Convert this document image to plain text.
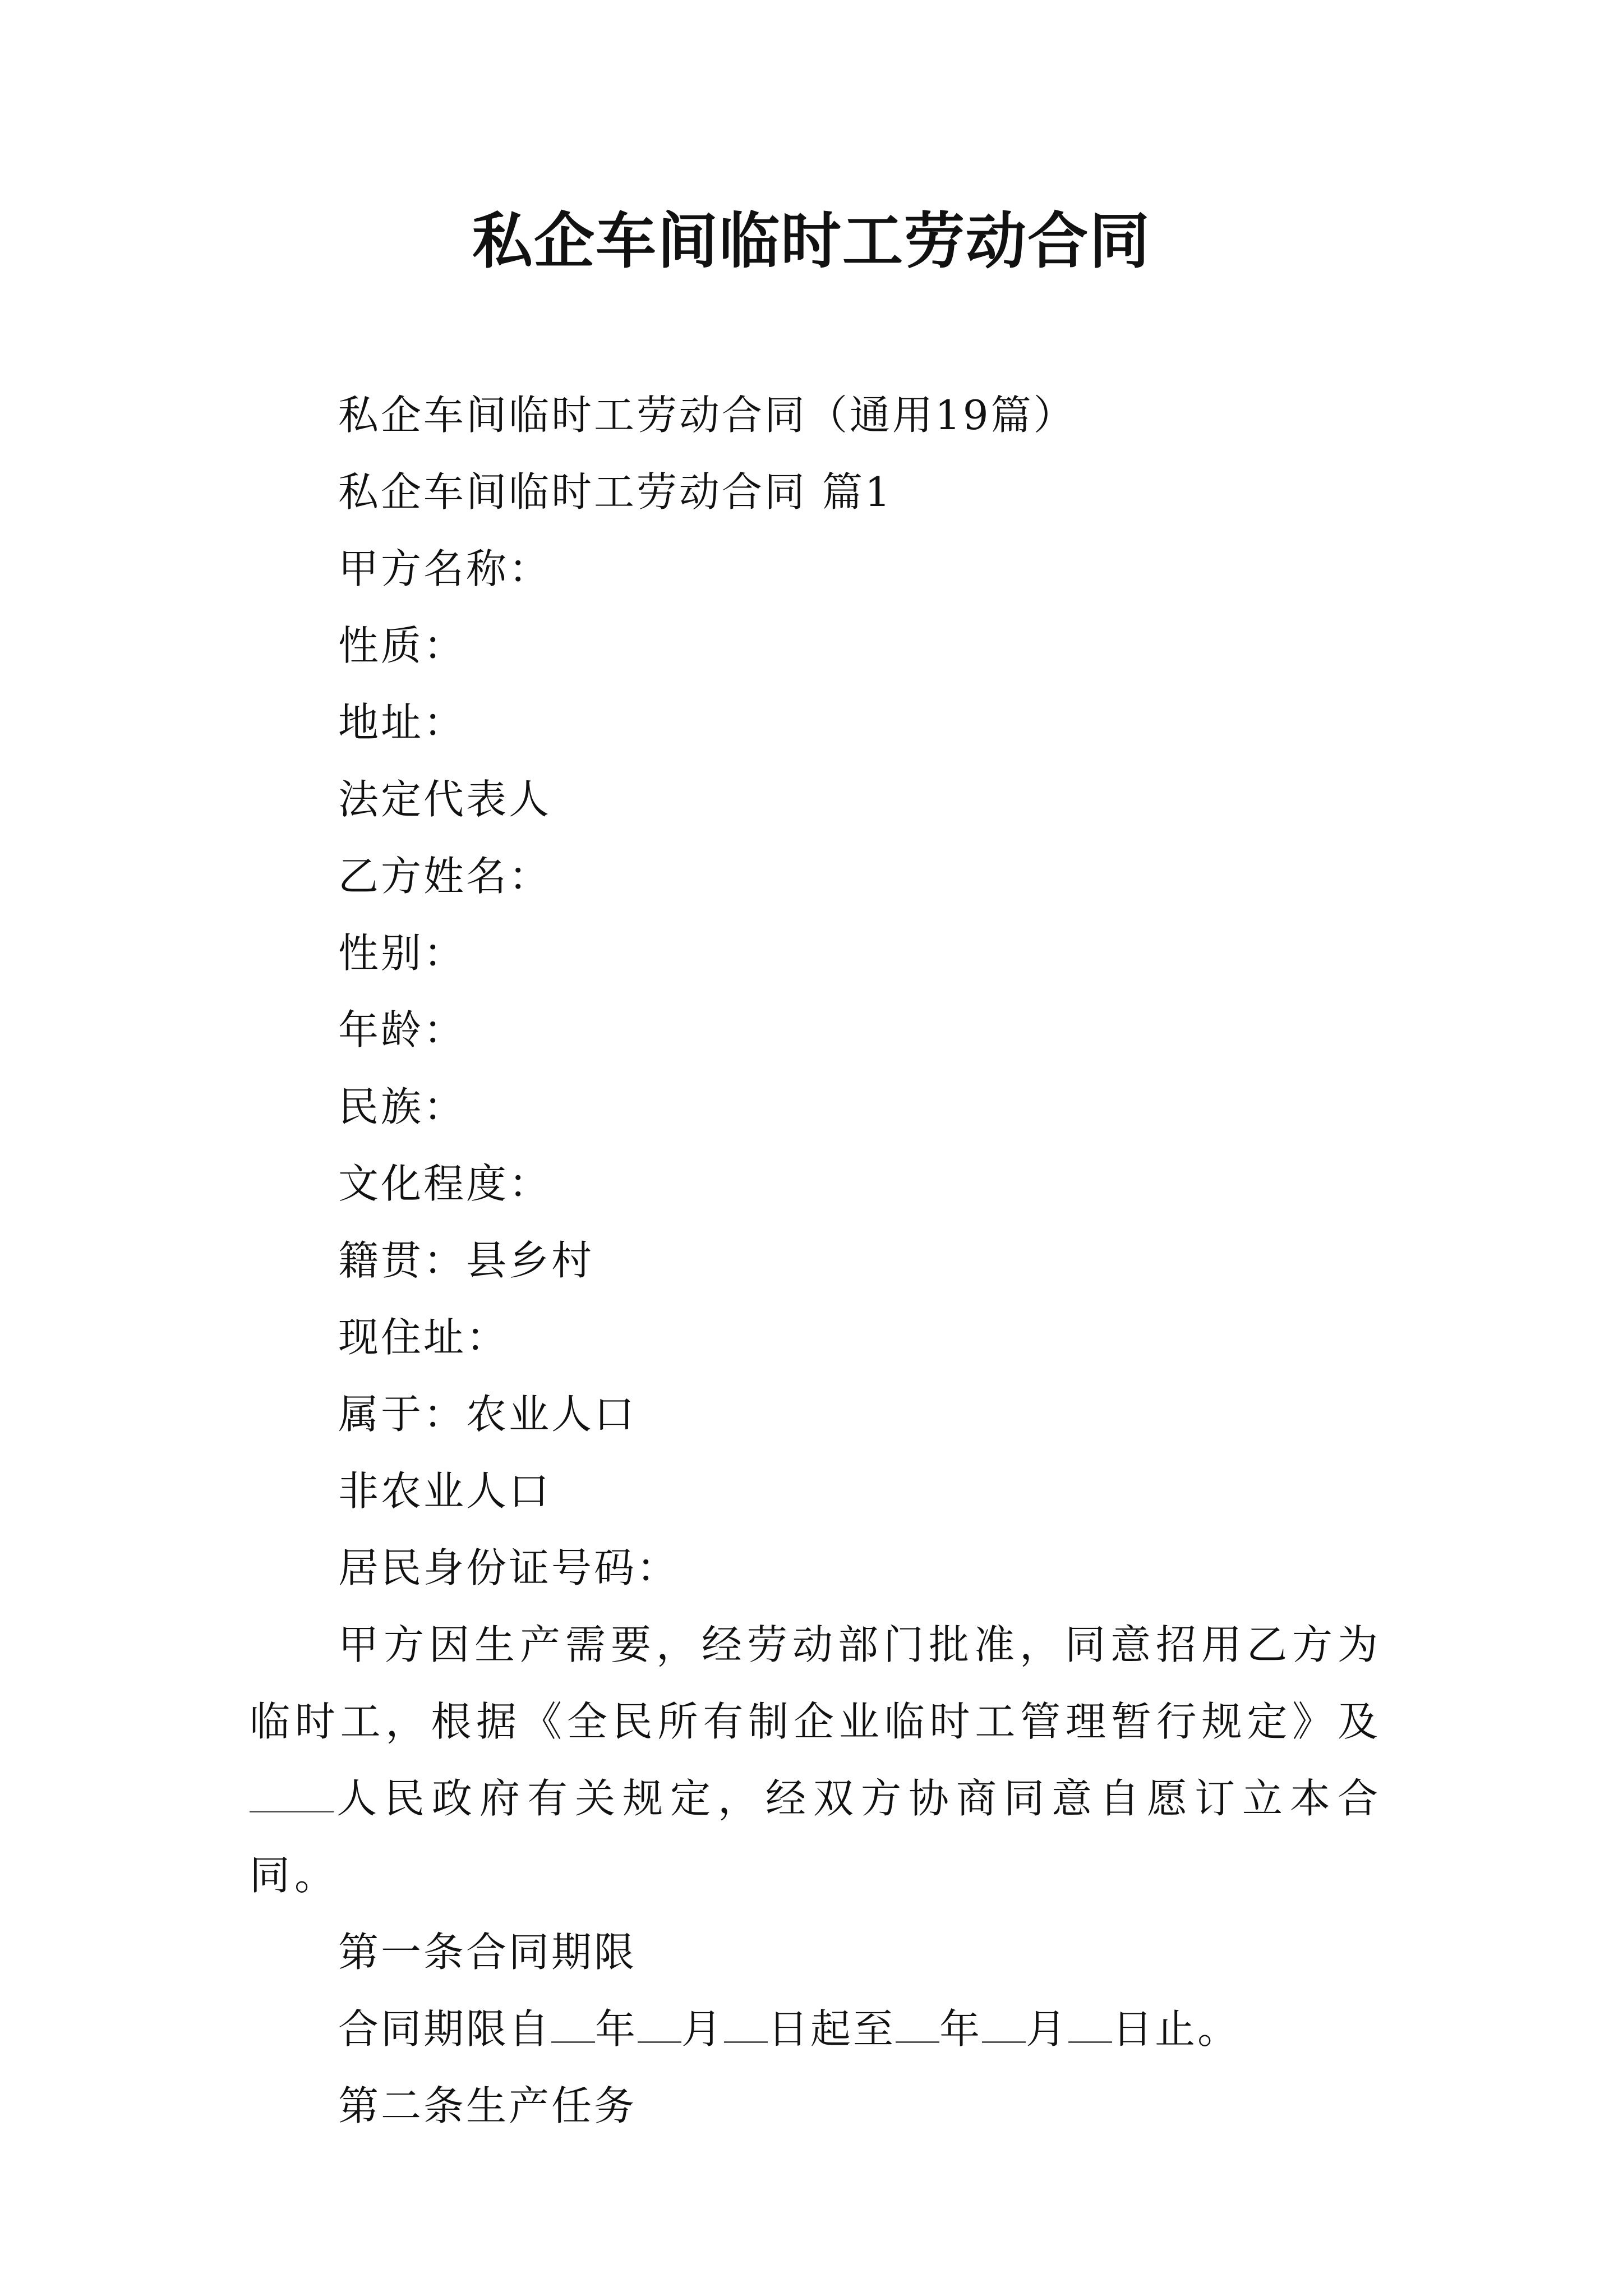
私企车间临时工劳动合同
私企车间临时工劳动合同（通用19篇）
私企车间临时工劳动合同 篇1
甲方名称：
性质：
地址：
法定代表人
乙方姓名：
性别：
年龄：
民族：
文化程度：
籍贯：县乡村
现住址：
属于：农业人口
非农业人口
居民身份证号码：
甲方因生产需要，经劳动部门批准，同意招用乙方为临时工，根据《全民所有制企业临时工管理暂行规定》及人民政府有关规定，经双方协商同意自愿订立本合同。
第一条合同期限
合同期限自 年 月 日起至 年 月 日止。
第二条生产任务
